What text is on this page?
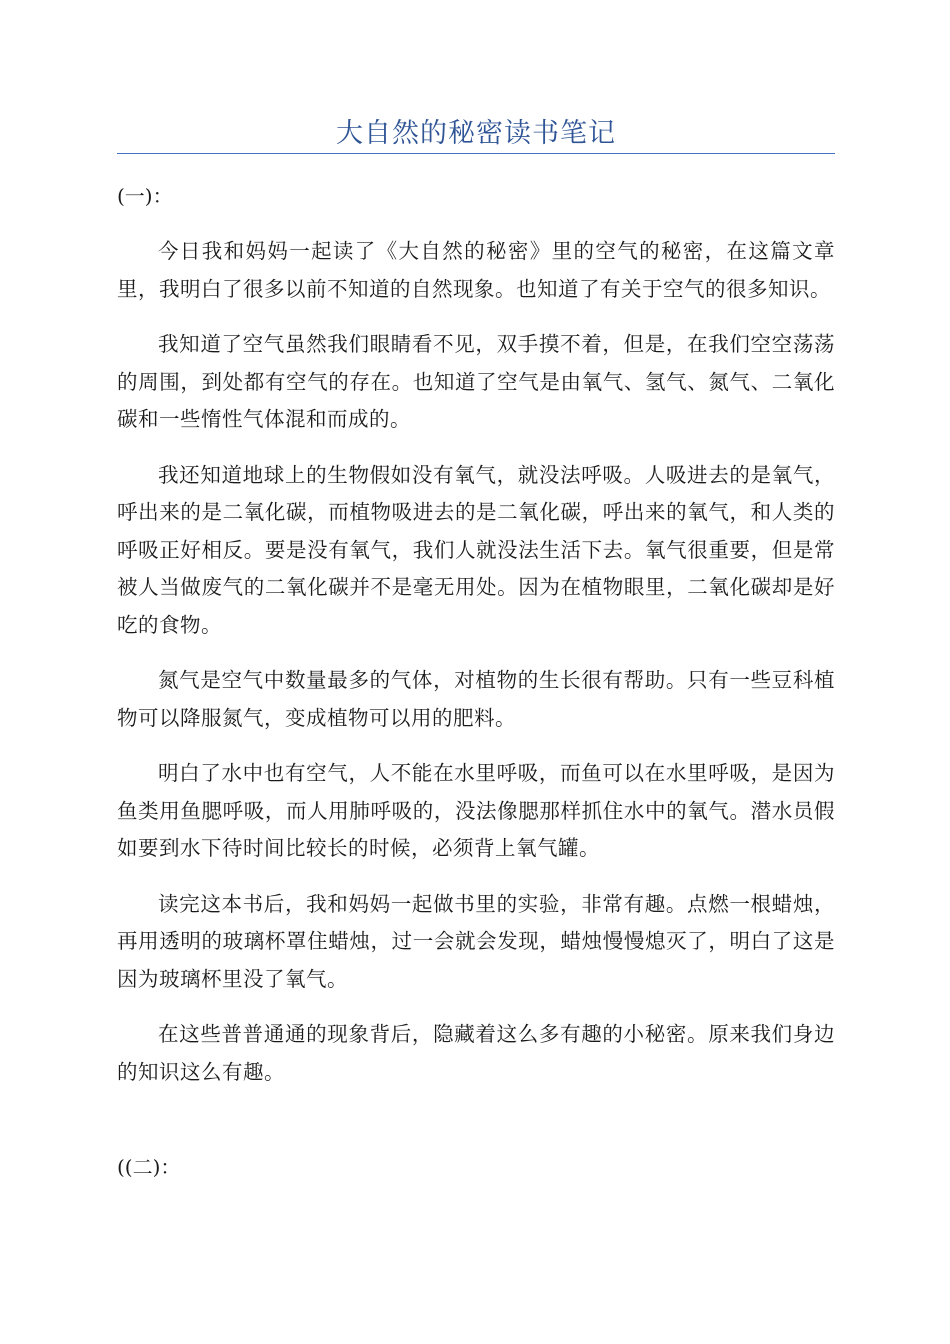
大自然的秘密读书笔记
(一)：

今日我和妈妈一起读了《大自然的秘密》里的空气的秘密，在这篇文章里，我明白了很多以前不知道的自然现象。也知道了有关于空气的很多知识。

我知道了空气虽然我们眼睛看不见，双手摸不着，但是，在我们空空荡荡的周围，到处都有空气的存在。也知道了空气是由氧气、氢气、氮气、二氧化碳和一些惰性气体混和而成的。

我还知道地球上的生物假如没有氧气，就没法呼吸。人吸进去的是氧气，呼出来的是二氧化碳，而植物吸进去的是二氧化碳，呼出来的氧气，和人类的呼吸正好相反。要是没有氧气，我们人就没法生活下去。氧气很重要，但是常被人当做废气的二氧化碳并不是毫无用处。因为在植物眼里，二氧化碳却是好吃的食物。

氮气是空气中数量最多的气体，对植物的生长很有帮助。只有一些豆科植物可以降服氮气，变成植物可以用的肥料。

明白了水中也有空气，人不能在水里呼吸，而鱼可以在水里呼吸，是因为鱼类用鱼腮呼吸，而人用肺呼吸的，没法像腮那样抓住水中的氧气。潜水员假如要到水下待时间比较长的时候，必须背上氧气罐。

读完这本书后，我和妈妈一起做书里的实验，非常有趣。点燃一根蜡烛，再用透明的玻璃杯罩住蜡烛，过一会就会发现，蜡烛慢慢熄灭了，明白了这是因为玻璃杯里没了氧气。

在这些普普通通的现象背后，隐藏着这么多有趣的小秘密。原来我们身边的知识这么有趣。

((二)：
